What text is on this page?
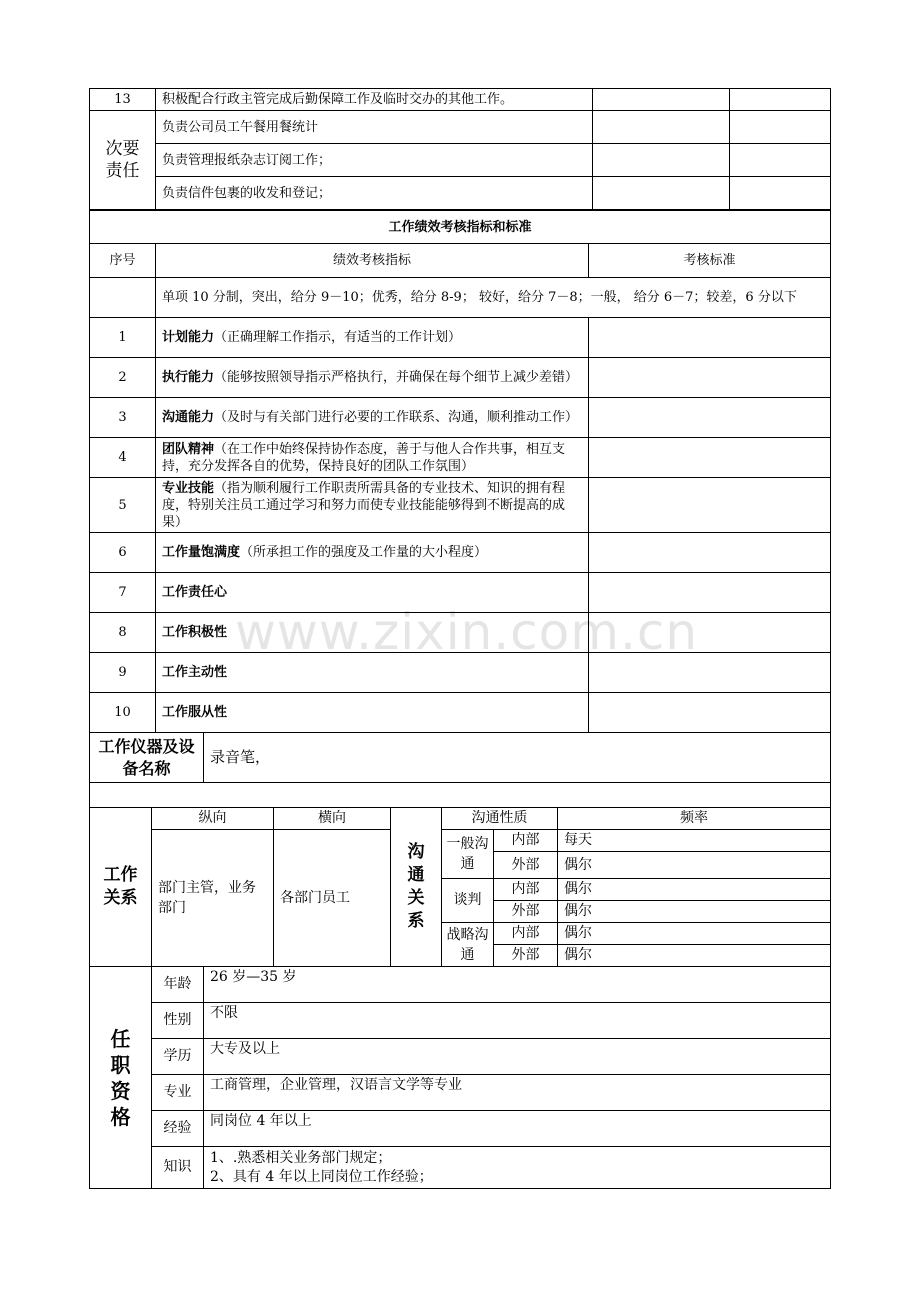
13	积极配合行政主管完成后勤保障工作及临时交办的其他工作。		
次要责任	负责公司员工午餐用餐统计		
	负责管理报纸杂志订阅工作；		
	负责信件包裹的收发和登记；		
工作绩效考核指标和标准		
序号	绩效考核指标	考核标准
	单项 10 分制，突出，给分 9－10；优秀，给分 8-9； 较好，给分 7－8；一般， 给分 6－7；较差，6 分以下	
1	计划能力（正确理解工作指示，有适当的工作计划）	
2	执行能力（能够按照领导指示严格执行，并确保在每个细节上减少差错）	
3	沟通能力（及时与有关部门进行必要的工作联系、沟通，顺利推动工作）	
4	团队精神（在工作中始终保持协作态度，善于与他人合作共事，相互支持，充分发挥各自的优势，保持良好的团队工作氛围）	
5	专业技能（指为顺利履行工作职责所需具备的专业技术、知识的拥有程度，特别关注员工通过学习和努力而使专业技能能够得到不断提高的成果）	
6	工作量饱满度（所承担工作的强度及工作量的大小程度）	
7	工作责任心	
8	工作积极性	
9	工作主动性	
10	工作服从性	
工作仪器及设备名称	录音笔，

工作关系	纵向	横向	沟通关系	沟通性质		频率
	部门主管，业务部门	各部门员工		一般沟通	内部	每天
					外部	偶尔
				谈判	内部	偶尔
					外部	偶尔
				战略沟通	内部	偶尔
					外部	偶尔
任职资格	年龄	26 岁—35 岁
	性别	不限
	学历	大专及以上
	专业	工商管理，企业管理，汉语言文学等专业
	经验	同岗位 4 年以上
	知识	1、.熟悉相关业务部门规定；
2、具有 4 年以上同岗位工作经验；
www.zixin.com.cn
